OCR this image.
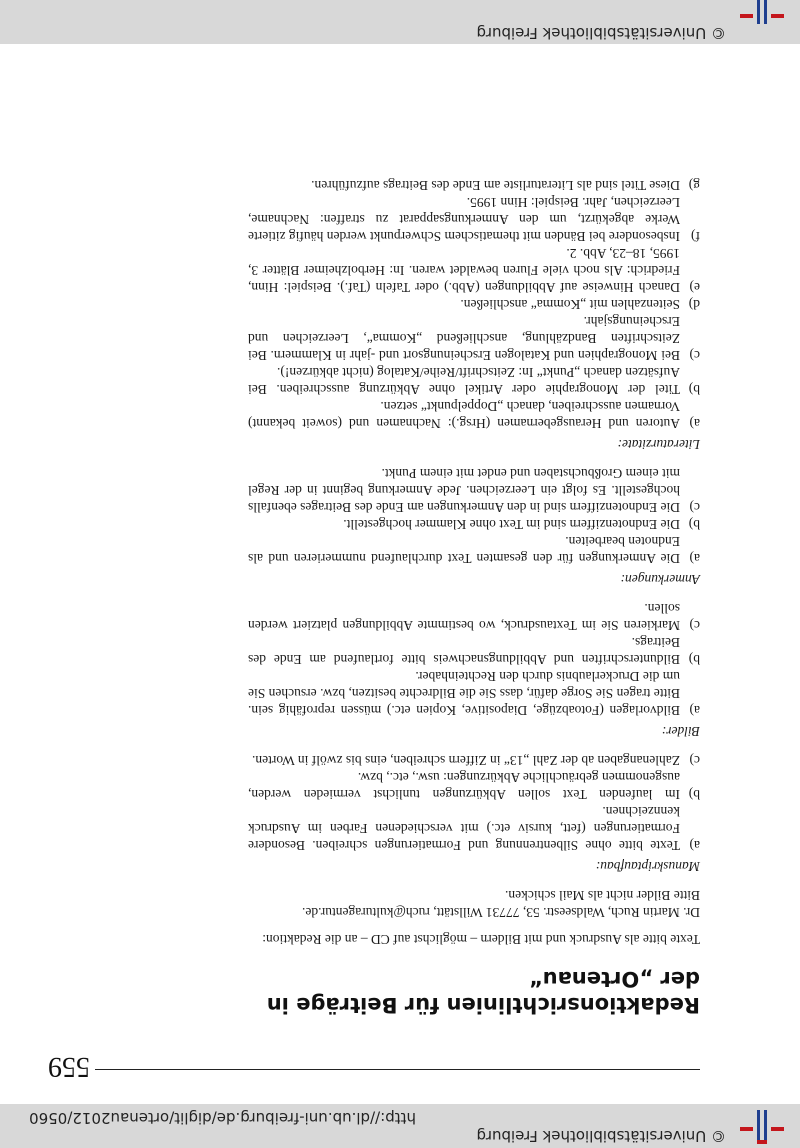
© Universitätsbibliothek Freiburg
http://dl.ub.uni-freiburg.de/diglit/ortenau2012/0560
559
Redaktionsrichtlinien für Beiträge in der „Ortenau“

Texte bitte als Ausdruck und mit Bildern – möglichst auf CD – an die Redaktion:

Dr. Martin Ruch, Waldseestr. 53, 77731 Willstätt, ruch@kulturagentur.de.

Bitte Bilder nicht als Mail schicken.

Manuskriptaufbau:
a)
Texte bitte ohne Silbentrennung und Formatierungen schreiben. Besondere Formatierungen (fett, kursiv etc.) mit verschiedenen Farben im Ausdruck kennzeichnen.
b)
Im laufenden Text sollen Abkürzungen tunlichst vermieden werden, ausgenommen gebräuchliche Abkürzungen: usw., etc., bzw.
c)
Zahlenangaben ab der Zahl „13“ in Ziffern schreiben, eins bis zwölf in Worten.
Bilder:
a)
Bildvorlagen (Fotoabzüge, Diapositive, Kopien etc.) müssen reprofähig sein. Bitte tragen Sie Sorge dafür, dass Sie die Bildrechte besitzen, bzw. ersuchen Sie um die Druckerlaubnis durch den Rechteinhaber.
b)
Bildunterschriften und Abbildungsnachweis bitte fortlaufend am Ende des Beitrags.
c)
Markieren Sie im Textausdruck, wo bestimmte Abbildungen platziert werden sollen.
Anmerkungen:
a)
Die Anmerkungen für den gesamten Text durchlaufend nummerieren und als Endnoten bearbeiten.
b)
Die Endnotenziffern sind im Text ohne Klammer hochgestellt.
c)
Die Endnotenziffern sind in den Anmerkungen am Ende des Beitrages ebenfalls hochgestellt. Es folgt ein Leerzeichen. Jede Anmerkung beginnt in der Regel mit einem Großbuchstaben und endet mit einem Punkt.
Literaturzitate:
a)
Autoren und Herausgebernamen (Hrsg.): Nachnamen und (soweit bekannt) Vornamen ausschreiben, danach „Doppelpunkt“ setzen.
b)
Titel der Monographie oder Artikel ohne Abkürzung ausschreiben. Bei Aufsätzen danach „Punkt“ In: Zeitschrift/Reihe/Katalog (nicht abkürzen!).
c)
Bei Monographien und Katalogen Erscheinungsort und -jahr in Klammern. Bei Zeitschriften Bandzählung, anschließend „Komma“, Leerzeichen und Erscheinungsjahr.
d)
Seitenzahlen mit „Komma“ anschließen.
e)
Danach Hinweise auf Abbildungen (Abb.) oder Tafeln (Taf.). Beispiel: Hinn, Friedrich: Als noch viele Fluren bewaldet waren. In: Herbolzheimer Blätter 3, 1995, 18–23, Abb. 2.
f)
Insbesondere bei Bänden mit thematischem Schwerpunkt werden häufig zitierte Werke abgekürzt, um den Anmerkungsapparat zu straffen: Nachname, Leerzeichen, Jahr. Beispiel: Hinn 1995.
g)
Diese Titel sind als Literaturliste am Ende des Beitrags aufzuführen.
© Universitätsbibliothek Freiburg
